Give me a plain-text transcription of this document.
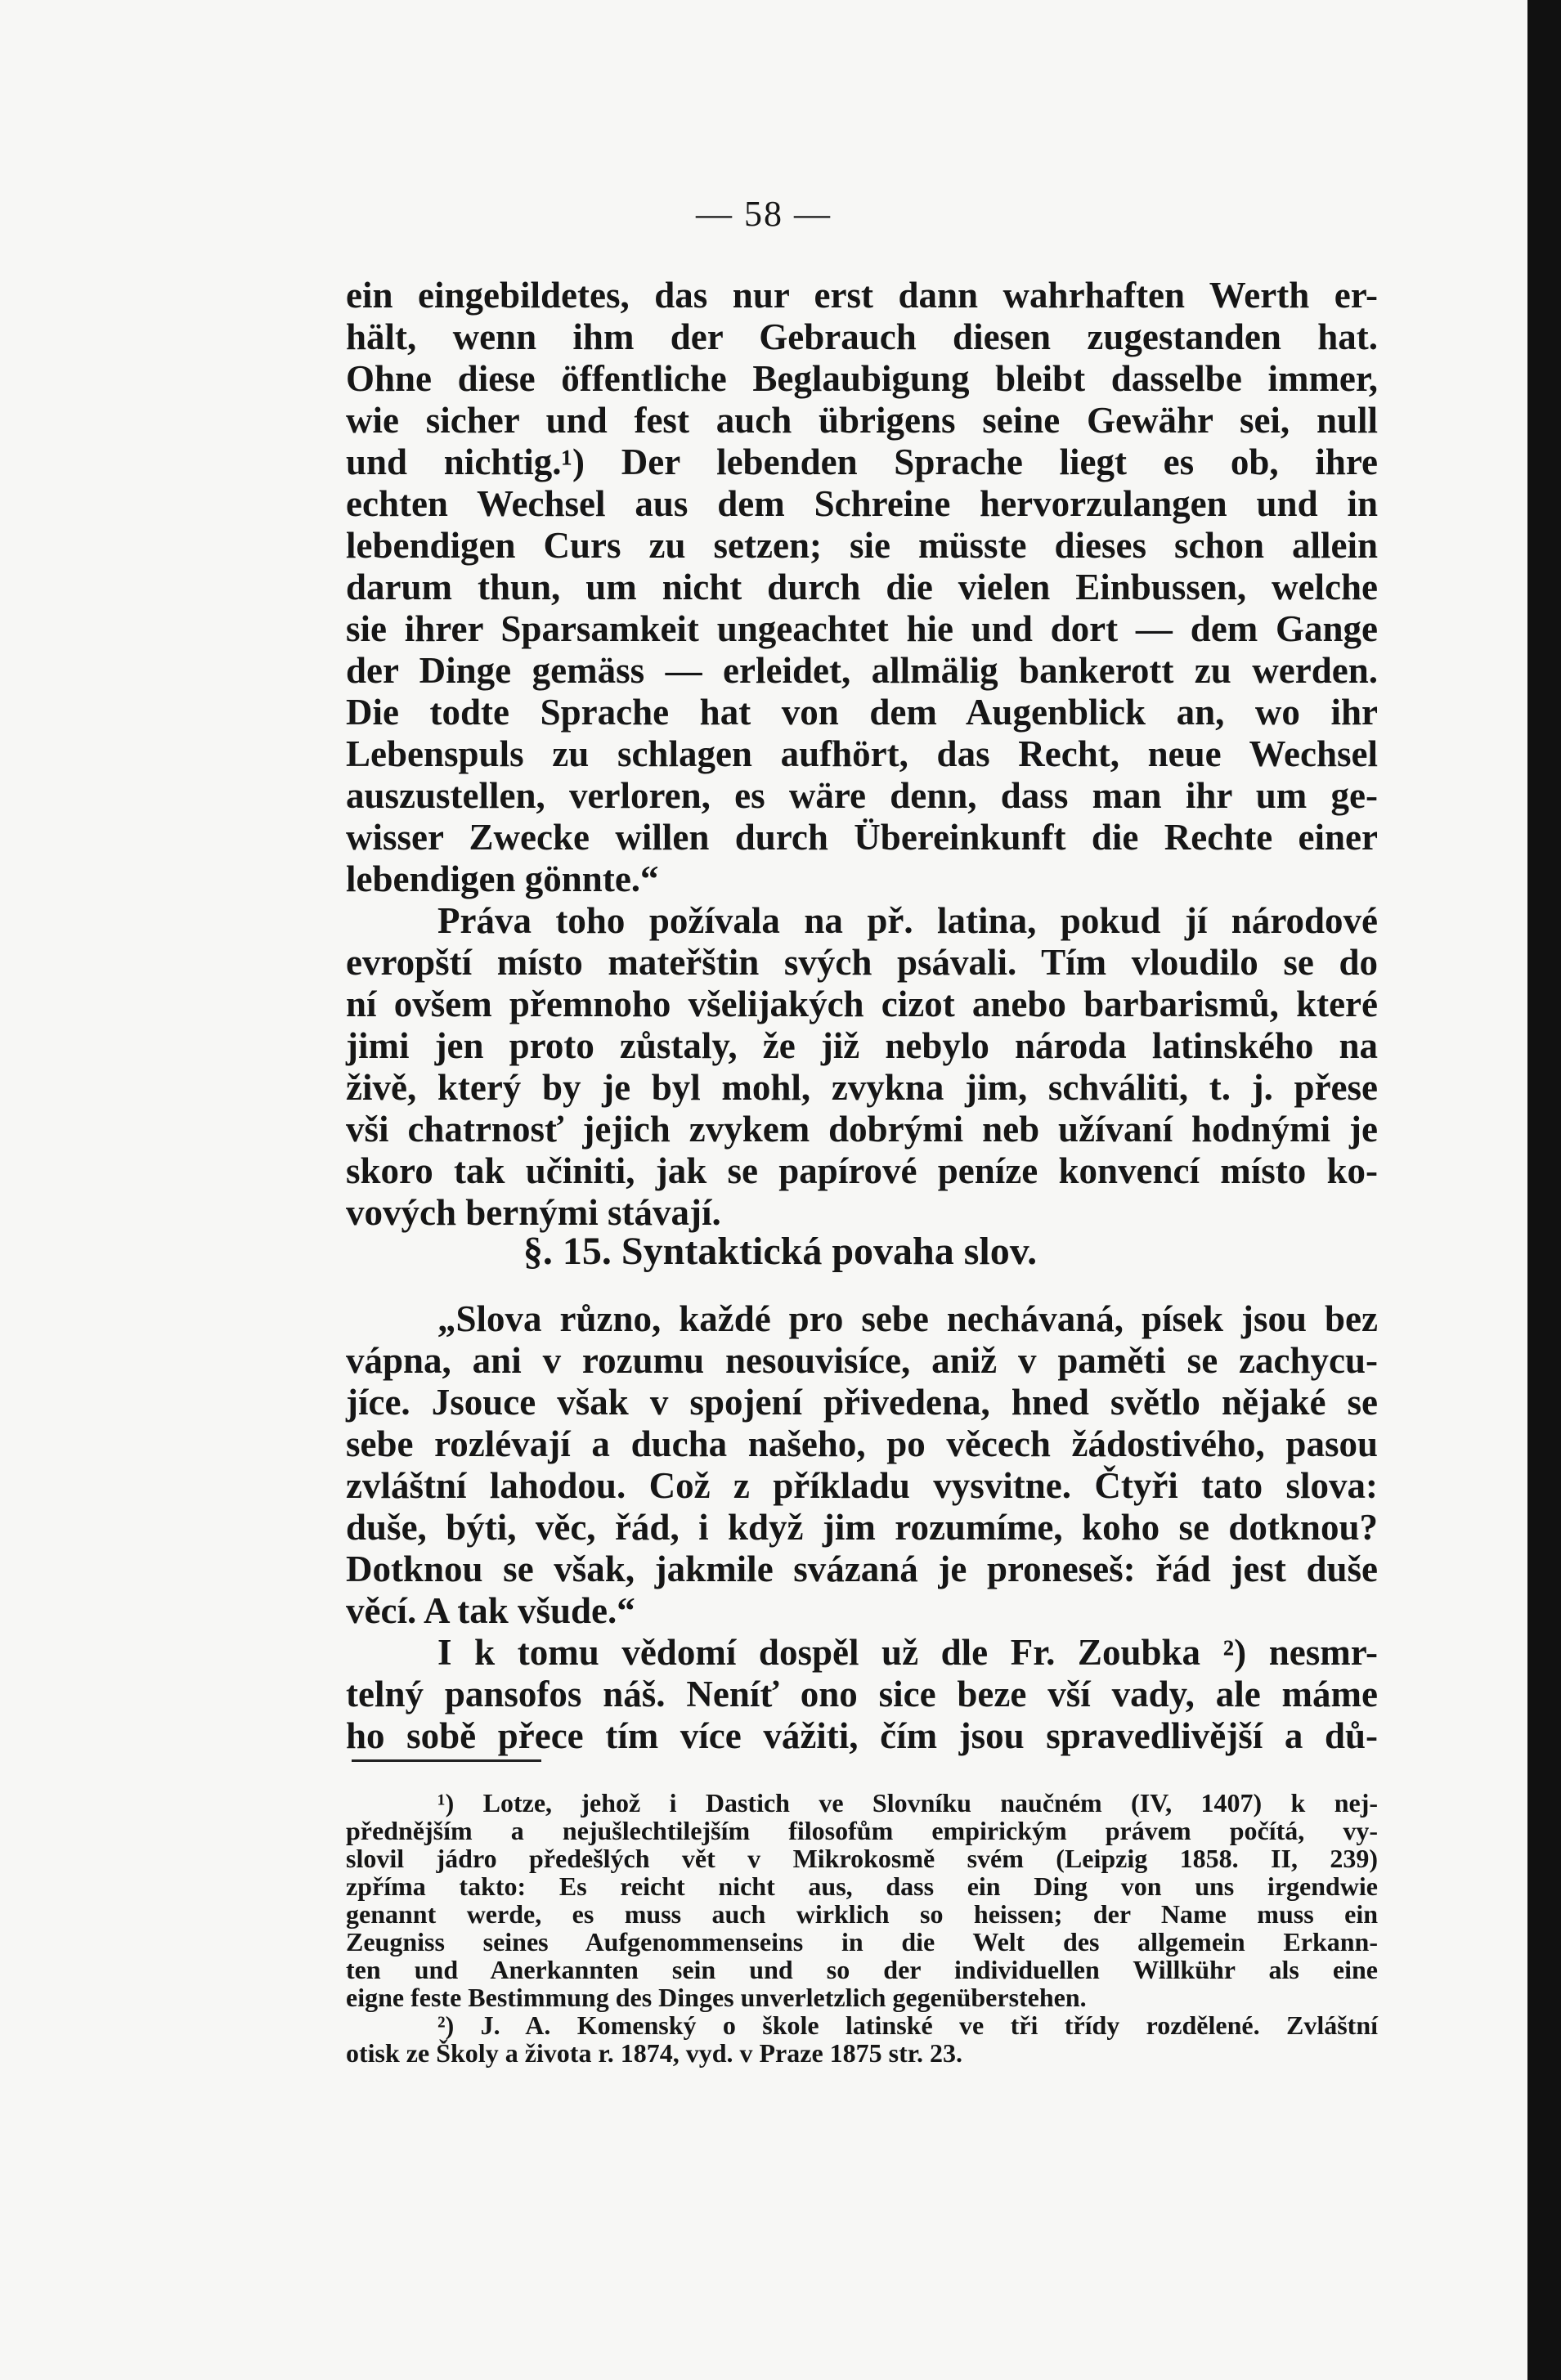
— 58 —
ein eingebildetes, das nur erst dann wahrhaften Werth er-
hält, wenn ihm der Gebrauch diesen zugestanden hat.
Ohne diese öffentliche Beglaubigung bleibt dasselbe immer,
wie sicher und fest auch übrigens seine Gewähr sei, null
und nichtig.¹) Der lebenden Sprache liegt es ob, ihre
echten Wechsel aus dem Schreine hervorzulangen und in
lebendigen Curs zu setzen; sie müsste dieses schon allein
darum thun, um nicht durch die vielen Einbussen, welche
sie ihrer Sparsamkeit ungeachtet hie und dort — dem Gange
der Dinge gemäss — erleidet, allmälig bankerott zu werden.
Die todte Sprache hat von dem Augenblick an, wo ihr
Lebenspuls zu schlagen aufhört, das Recht, neue Wechsel
auszustellen, verloren, es wäre denn, dass man ihr um ge-
wisser Zwecke willen durch Übereinkunft die Rechte einer
lebendigen gönnte.“
Práva toho požívala na př. latina, pokud jí národové
evropští místo mateřštin svých psávali. Tím vloudilo se do
ní ovšem přemnoho všelijakých cizot anebo barbarismů, které
jimi jen proto zůstaly, že již nebylo národa latinského na
živě, který by je byl mohl, zvykna jim, schváliti, t. j. přese
vši chatrnosť jejich zvykem dobrými neb užívaní hodnými je
skoro tak učiniti, jak se papírové peníze konvencí místo ko-
vových bernými stávají.
§. 15. Syntaktická povaha slov.
„Slova různo, každé pro sebe nechávaná, písek jsou bez
vápna, ani v rozumu nesouvisíce, aniž v paměti se zachycu-
jíce. Jsouce však v spojení přivedena, hned světlo nějaké se
sebe rozlévají a ducha našeho, po věcech žádostivého, pasou
zvláštní lahodou. Což z příkladu vysvitne. Čtyři tato slova:
duše, býti, věc, řád, i když jim rozumíme, koho se dotknou?
Dotknou se však, jakmile svázaná je proneseš: řád jest duše
věcí. A tak všude.“
I k tomu vědomí dospěl už dle Fr. Zoubka ²) nesmr-
telný pansofos náš. Neníť ono sice beze vší vady, ale máme
ho sobě přece tím více vážiti, čím jsou spravedlivější a dů-
¹) Lotze, jehož i Dastich ve Slovníku naučném (IV, 1407) k nej-
přednějším a nejušlechtilejším filosofům empirickým právem počítá, vy-
slovil jádro předešlých vět v Mikrokosmě svém (Leipzig 1858. II, 239)
zpříma takto: Es reicht nicht aus, dass ein Ding von uns irgendwie
genannt werde, es muss auch wirklich so heissen; der Name muss ein
Zeugniss seines Aufgenommenseins in die Welt des allgemein Erkann-
ten und Anerkannten sein und so der individuellen Willkühr als eine
eigne feste Bestimmung des Dinges unverletzlich gegenüberstehen.
²) J. A. Komenský o škole latinské ve tři třídy rozdělené. Zvláštní
otisk ze Školy a života r. 1874, vyd. v Praze 1875 str. 23.
